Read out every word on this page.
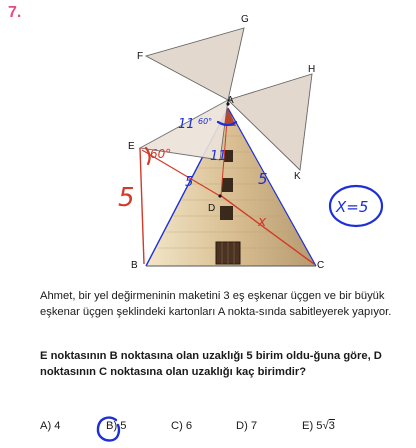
7.	G
F
H
A
E
K
D
B	C
5
11 60°
11
5
5
60°
x
X=5

Ahmet, bir yel değirmeninin maketini 3 eş eşkenar üçgen ve bir büyük eşkenar üçgen şeklindeki kartonları A nokta-sında sabitleyerek yapıyor.

E noktasının B noktasına olan uzaklığı 5 birim oldu-ğuna göre, D noktasının C noktasına olan uzaklığı kaç birimdir?

A) 4	B) 5	C) 6	D) 7	E) 5√3
